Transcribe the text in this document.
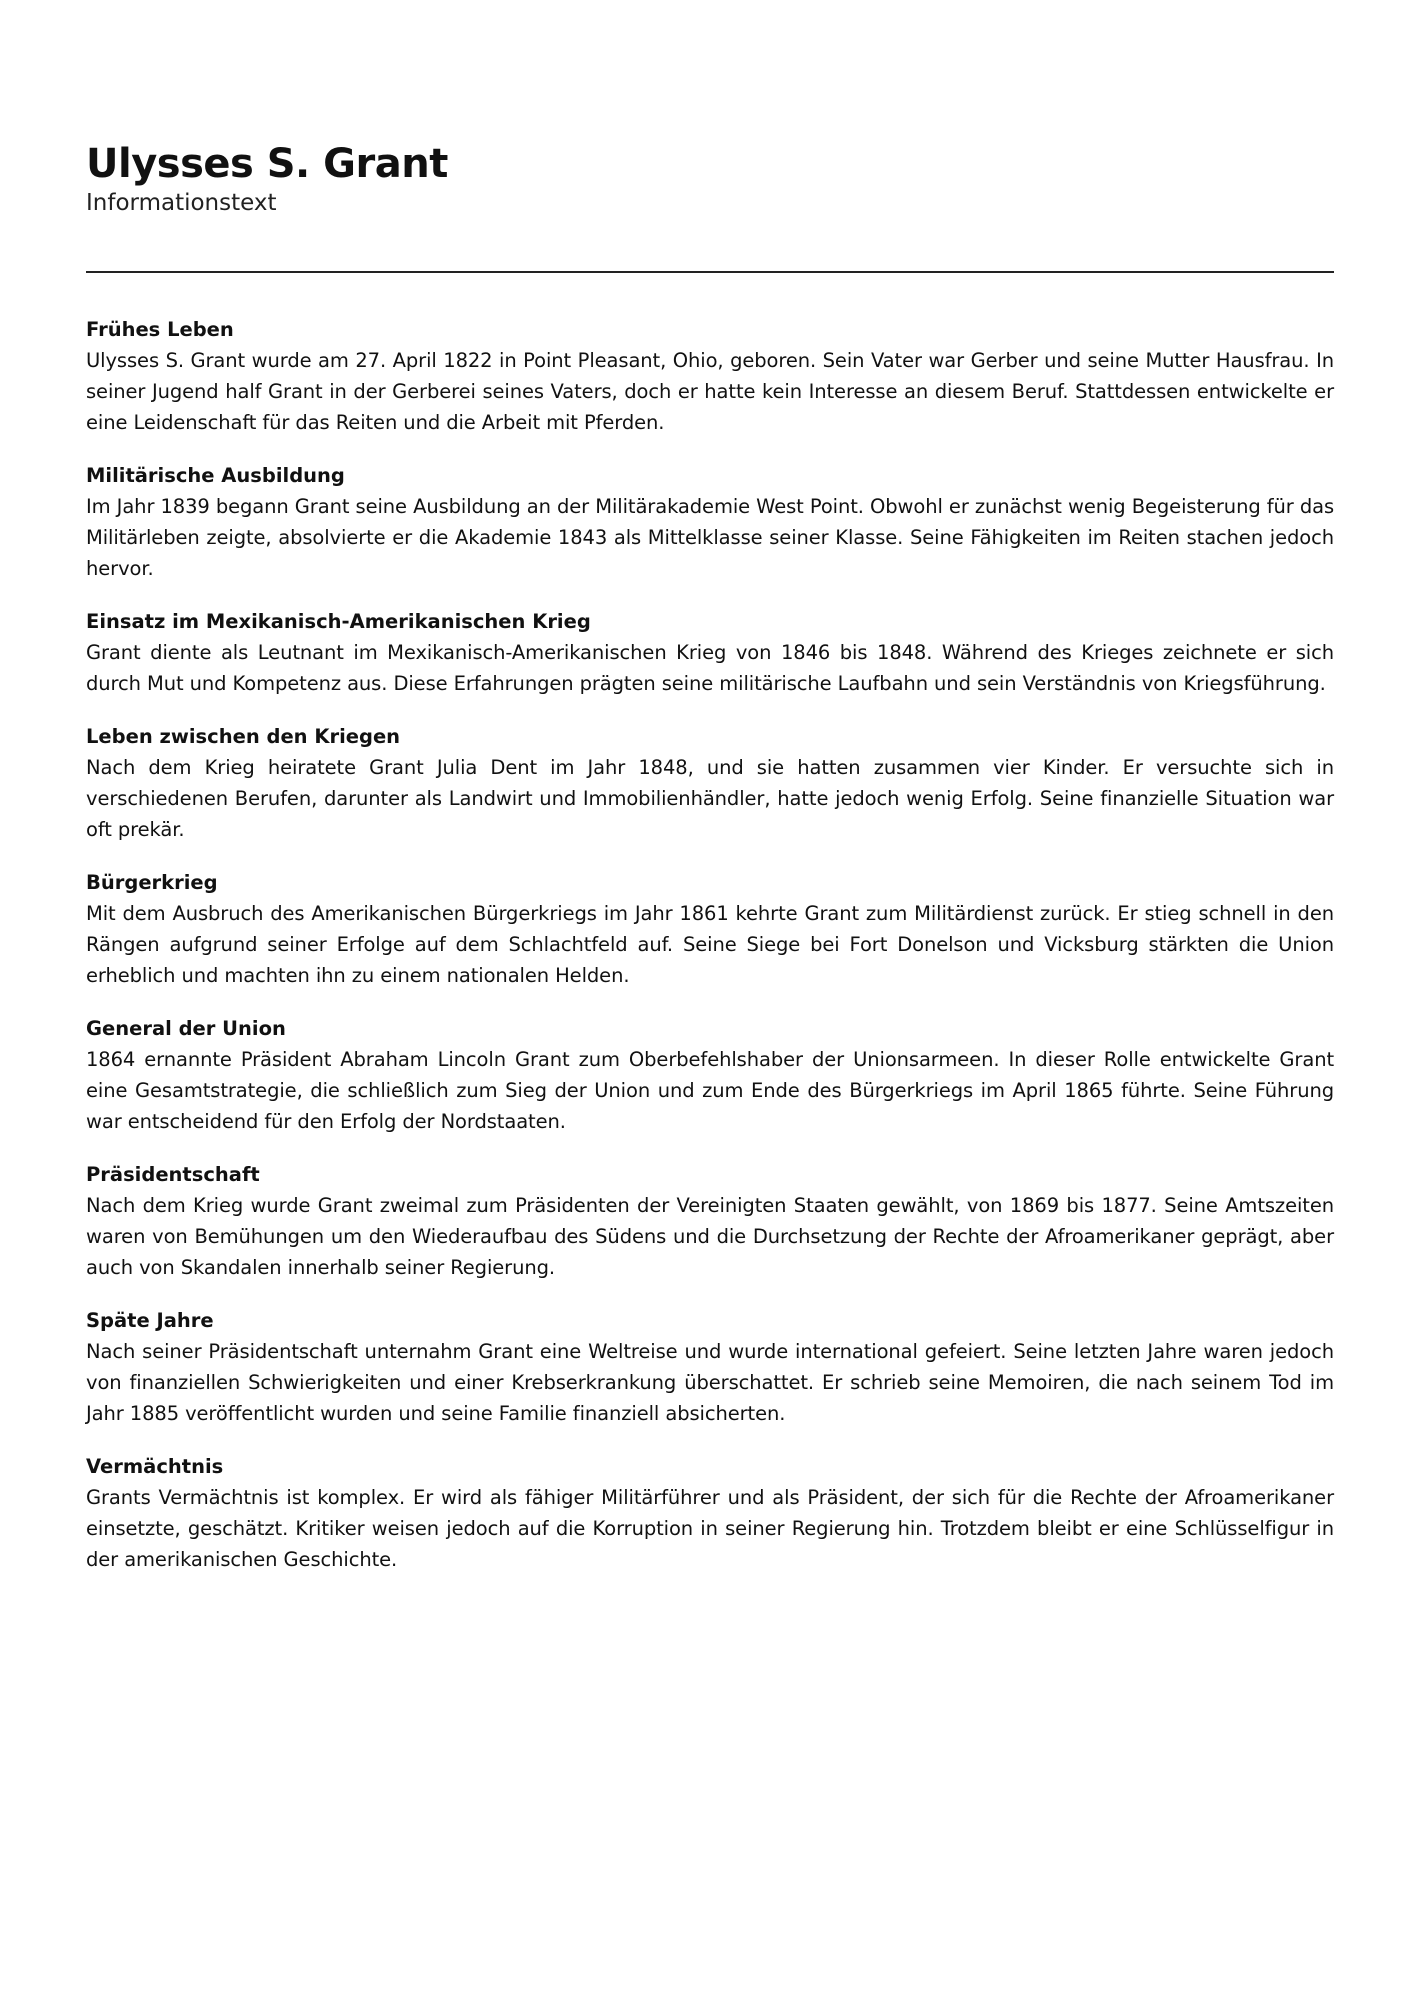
Ulysses S. Grant

Informationstext

Frühes Leben

Ulysses S. Grant wurde am 27. April 1822 in Point Pleasant, Ohio, geboren. Sein Vater war Gerber und seine Mutter Hausfrau. In seiner Jugend half Grant in der Gerberei seines Vaters, doch er hatte kein Interesse an diesem Beruf. Stattdessen entwickelte er eine Leidenschaft für das Reiten und die Arbeit mit Pferden.

Militärische Ausbildung

Im Jahr 1839 begann Grant seine Ausbildung an der Militärakademie West Point. Obwohl er zunächst wenig Begeisterung für das Militärleben zeigte, absolvierte er die Akademie 1843 als Mittelklasse seiner Klasse. Seine Fähigkeiten im Reiten stachen jedoch hervor.

Einsatz im Mexikanisch-Amerikanischen Krieg

Grant diente als Leutnant im Mexikanisch-Amerikanischen Krieg von 1846 bis 1848. Während des Krieges zeichnete er sich durch Mut und Kompetenz aus. Diese Erfahrungen prägten seine militärische Laufbahn und sein Verständnis von Kriegsführung.

Leben zwischen den Kriegen

Nach dem Krieg heiratete Grant Julia Dent im Jahr 1848, und sie hatten zusammen vier Kinder. Er versuchte sich in verschiedenen Berufen, darunter als Landwirt und Immobilienhändler, hatte jedoch wenig Erfolg. Seine finanzielle Situation war oft prekär.

Bürgerkrieg

Mit dem Ausbruch des Amerikanischen Bürgerkriegs im Jahr 1861 kehrte Grant zum Militärdienst zurück. Er stieg schnell in den Rängen aufgrund seiner Erfolge auf dem Schlachtfeld auf. Seine Siege bei Fort Donelson und Vicksburg stärkten die Union erheblich und machten ihn zu einem nationalen Helden.

General der Union

1864 ernannte Präsident Abraham Lincoln Grant zum Oberbefehlshaber der Unionsarmeen. In dieser Rolle entwickelte Grant eine Gesamtstrategie, die schließlich zum Sieg der Union und zum Ende des Bürgerkriegs im April 1865 führte. Seine Führung war entscheidend für den Erfolg der Nordstaaten.

Präsidentschaft

Nach dem Krieg wurde Grant zweimal zum Präsidenten der Vereinigten Staaten gewählt, von 1869 bis 1877. Seine Amtszeiten waren von Bemühungen um den Wiederaufbau des Südens und die Durchsetzung der Rechte der Afroamerikaner geprägt, aber auch von Skandalen innerhalb seiner Regierung.

Späte Jahre

Nach seiner Präsidentschaft unternahm Grant eine Weltreise und wurde international gefeiert. Seine letzten Jahre waren jedoch von finanziellen Schwierigkeiten und einer Krebserkrankung überschattet. Er schrieb seine Memoiren, die nach seinem Tod im Jahr 1885 veröffentlicht wurden und seine Familie finanziell absicherten.

Vermächtnis

Grants Vermächtnis ist komplex. Er wird als fähiger Militärführer und als Präsident, der sich für die Rechte der Afroamerikaner einsetzte, geschätzt. Kritiker weisen jedoch auf die Korruption in seiner Regierung hin. Trotzdem bleibt er eine Schlüsselfigur in der amerikanischen Geschichte.
